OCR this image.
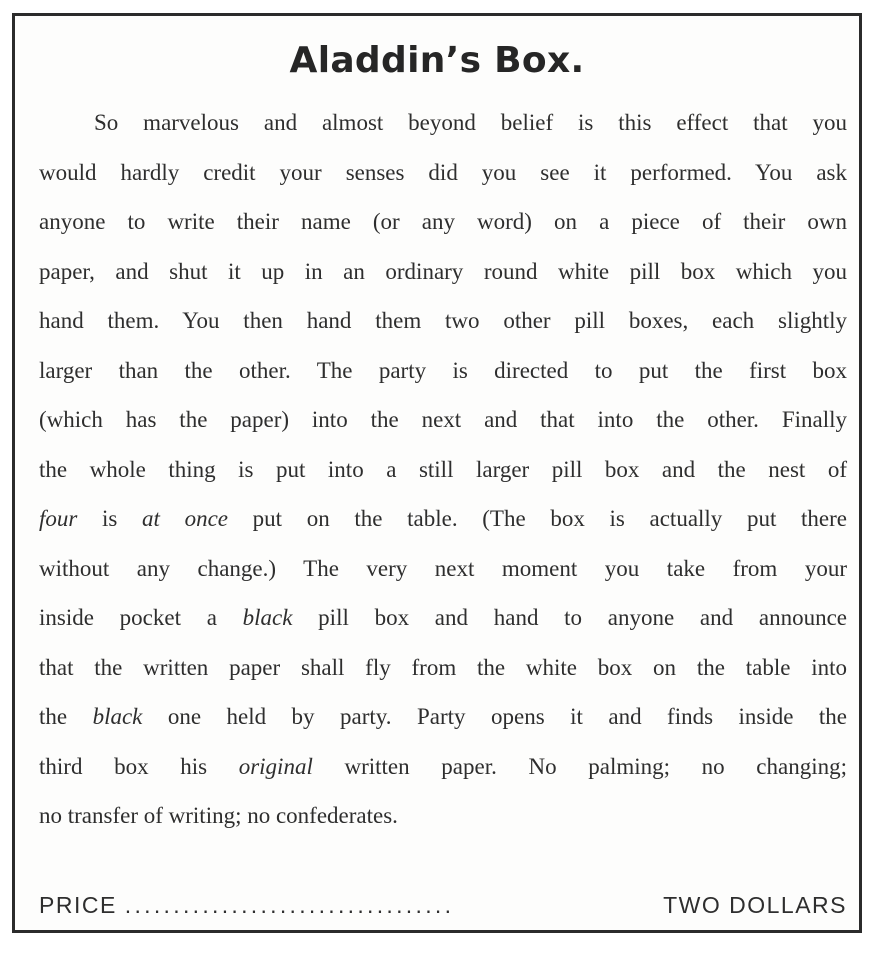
Aladdin’s Box.
So marvelous and almost beyond belief is this effect that you
would hardly credit your senses did you see it performed. You ask
anyone to write their name (or any word) on a piece of their own
paper, and shut it up in an ordinary round white pill box which you
hand them. You then hand them two other pill boxes, each slightly
larger than the other. The party is directed to put the first box
(which has the paper) into the next and that into the other. Finally
the whole thing is put into a still larger pill box and the nest of
four is at once put on the table. (The box is actually put there
without any change.) The very next moment you take from your
inside pocket a black pill box and hand to anyone and announce
that the written paper shall fly from the white box on the table into
the black one held by party. Party opens it and finds inside the
third box his original written paper. No palming; no changing;
no transfer of writing; no confederates.
PRICE ..................................	TWO DOLLARS
